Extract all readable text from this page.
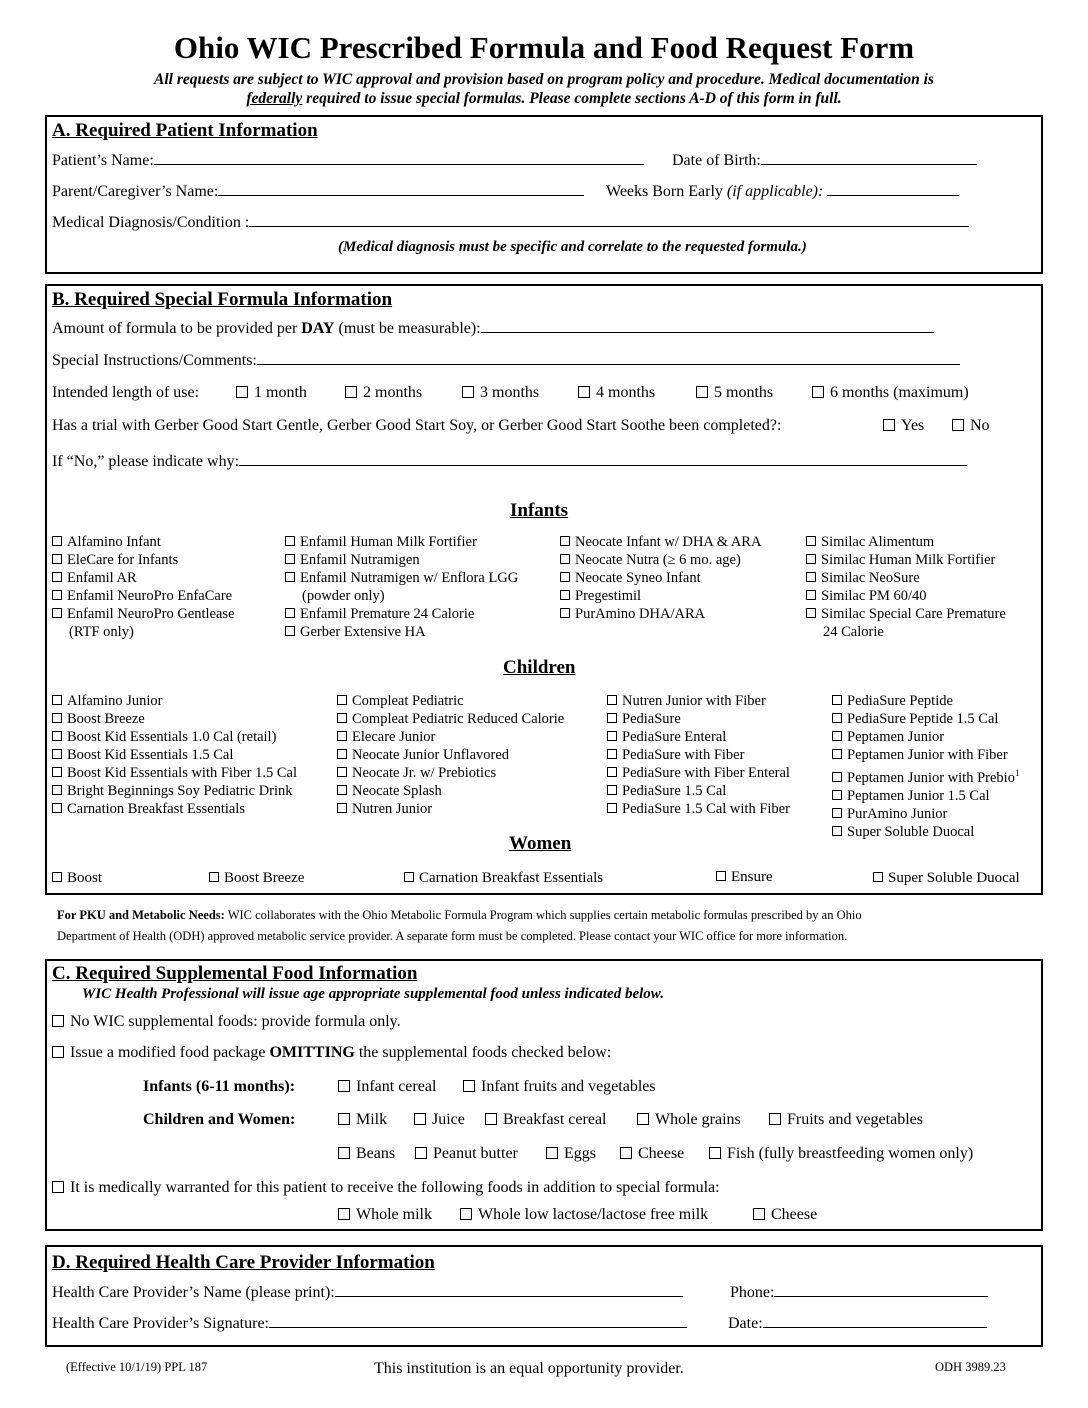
Ohio WIC Prescribed Formula and Food Request Form
All requests are subject to WIC approval and provision based on program policy and procedure. Medical documentation is
federally required to issue special formulas. Please complete sections A-D of this form in full.
A. Required Patient Information
Patient’s Name:	Date of Birth:
Parent/Caregiver’s Name:	Weeks Born Early (if applicable):
Medical Diagnosis/Condition :
(Medical diagnosis must be specific and correlate to the requested formula.)
B. Required Special Formula Information
Amount of formula to be provided per DAY (must be measurable):
Special Instructions/Comments:
Intended length of use:	1 month	2 months	3 months	4 months	5 months	6 months (maximum)
Has a trial with Gerber Good Start Gentle, Gerber Good Start Soy, or Gerber Good Start Soothe been completed?:	Yes	No
If “No,” please indicate why:
Infants
Alfamino Infant
EleCare for Infants
Enfamil AR
Enfamil NeuroPro EnfaCare
Enfamil NeuroPro Gentlease
(RTF only)
Enfamil Human Milk Fortifier
Enfamil Nutramigen
Enfamil Nutramigen w/ Enflora LGG
(powder only)
Enfamil Premature 24 Calorie
Gerber Extensive HA
Neocate Infant w/ DHA & ARA
Neocate Nutra (≥ 6 mo. age)
Neocate Syneo Infant
Pregestimil
PurAmino DHA/ARA
Similac Alimentum
Similac Human Milk Fortifier
Similac NeoSure
Similac PM 60/40
Similac Special Care Premature
24 Calorie
Children
Alfamino Junior
Boost Breeze
Boost Kid Essentials 1.0 Cal (retail)
Boost Kid Essentials 1.5 Cal
Boost Kid Essentials with Fiber 1.5 Cal
Bright Beginnings Soy Pediatric Drink
Carnation Breakfast Essentials
Compleat Pediatric
Compleat Pediatric Reduced Calorie
Elecare Junior
Neocate Junior Unflavored
Neocate Jr. w/ Prebiotics
Neocate Splash
Nutren Junior
Nutren Junior with Fiber
PediaSure
PediaSure Enteral
PediaSure with Fiber
PediaSure with Fiber Enteral
PediaSure 1.5 Cal
PediaSure 1.5 Cal with Fiber
PediaSure Peptide
PediaSure Peptide 1.5 Cal
Peptamen Junior
Peptamen Junior with Fiber
Peptamen Junior with Prebio$^1$
Peptamen Junior 1.5 Cal
PurAmino Junior
Super Soluble Duocal
Women
Boost	Boost Breeze	Carnation Breakfast Essentials	Ensure	Super Soluble Duocal
For PKU and Metabolic Needs: WIC collaborates with the Ohio Metabolic Formula Program which supplies certain metabolic formulas prescribed by an Ohio
Department of Health (ODH) approved metabolic service provider. A separate form must be completed. Please contact your WIC office for more information.
C. Required Supplemental Food Information
WIC Health Professional will issue age appropriate supplemental food unless indicated below.
No WIC supplemental foods: provide formula only.
Issue a modified food package OMITTING the supplemental foods checked below:
Infants (6-11 months):	Infant cereal	Infant fruits and vegetables
Children and Women:	Milk	Juice	Breakfast cereal	Whole grains	Fruits and vegetables
Beans	Peanut butter	Eggs	Cheese	Fish (fully breastfeeding women only)
It is medically warranted for this patient to receive the following foods in addition to special formula:
Whole milk	Whole low lactose/lactose free milk	Cheese
D. Required Health Care Provider Information
Health Care Provider’s Name (please print):	Phone:
Health Care Provider’s Signature:	Date:
(Effective 10/1/19) PPL 187	This institution is an equal opportunity provider.	ODH 3989.23
